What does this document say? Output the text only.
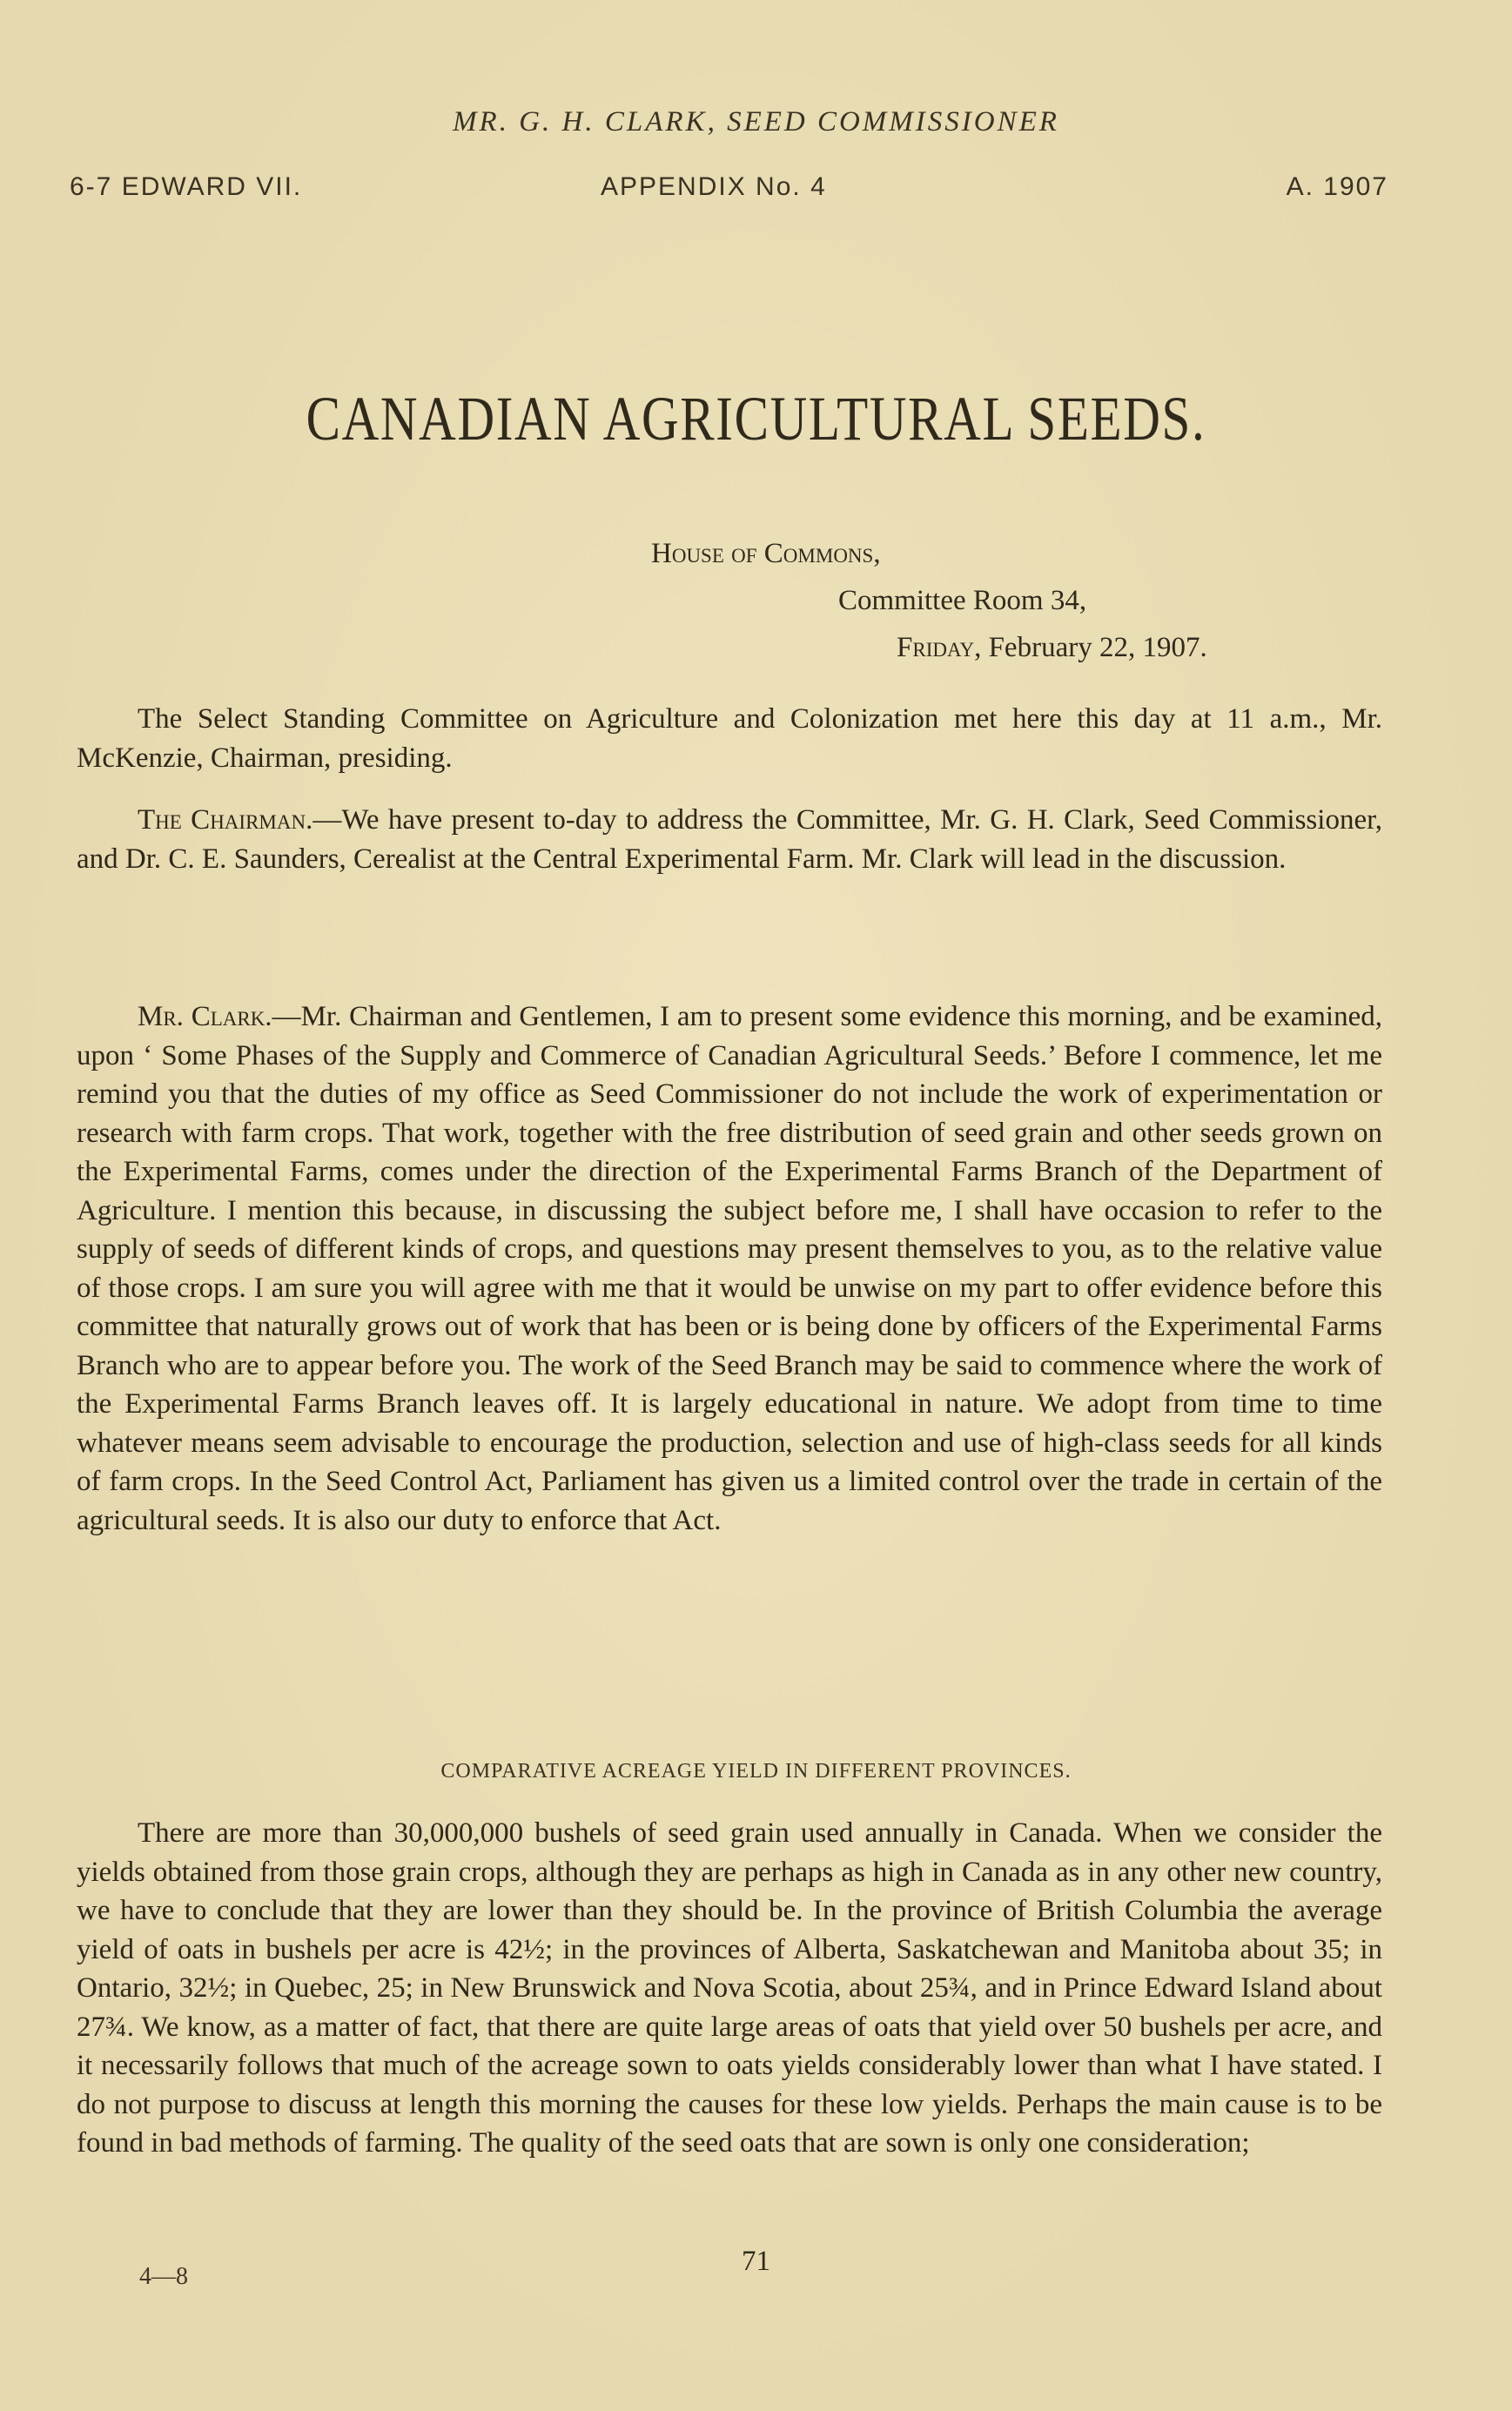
MR. G. H. CLARK, SEED COMMISSIONER
6-7 EDWARD VII.	APPENDIX No. 4	A. 1907
CANADIAN AGRICULTURAL SEEDS.
House of Commons,
Committee Room 34,
Friday, February 22, 1907.

The Select Standing Committee on Agriculture and Colonization met here this day at 11 a.m., Mr. McKenzie, Chairman, presiding.

The Chairman.—We have present to-day to address the Committee, Mr. G. H. Clark, Seed Commissioner, and Dr. C. E. Saunders, Cerealist at the Central Experimental Farm. Mr. Clark will lead in the discussion.

Mr. Clark.—Mr. Chairman and Gentlemen, I am to present some evidence this morning, and be examined, upon ‘ Some Phases of the Supply and Commerce of Canadian Agricultural Seeds.’ Before I commence, let me remind you that the duties of my office as Seed Commissioner do not include the work of experimentation or research with farm crops. That work, together with the free distribution of seed grain and other seeds grown on the Experimental Farms, comes under the direction of the Experimental Farms Branch of the Department of Agriculture. I mention this because, in discussing the subject before me, I shall have occasion to refer to the supply of seeds of different kinds of crops, and questions may present themselves to you, as to the relative value of those crops. I am sure you will agree with me that it would be unwise on my part to offer evidence before this committee that naturally grows out of work that has been or is being done by officers of the Experimental Farms Branch who are to appear before you. The work of the Seed Branch may be said to commence where the work of the Experimental Farms Branch leaves off. It is largely educational in nature. We adopt from time to time whatever means seem advisable to encourage the production, selection and use of high-class seeds for all kinds of farm crops. In the Seed Control Act, Parliament has given us a limited control over the trade in certain of the agricultural seeds. It is also our duty to enforce that Act.

COMPARATIVE ACREAGE YIELD IN DIFFERENT PROVINCES.

There are more than 30,000,000 bushels of seed grain used annually in Canada. When we consider the yields obtained from those grain crops, although they are perhaps as high in Canada as in any other new country, we have to conclude that they are lower than they should be. In the province of British Columbia the average yield of oats in bushels per acre is 42½; in the provinces of Alberta, Saskatchewan and Manitoba about 35; in Ontario, 32½; in Quebec, 25; in New Brunswick and Nova Scotia, about 25¾, and in Prince Edward Island about 27¾. We know, as a matter of fact, that there are quite large areas of oats that yield over 50 bushels per acre, and it necessarily follows that much of the acreage sown to oats yields considerably lower than what I have stated. I do not purpose to discuss at length this morning the causes for these low yields. Perhaps the main cause is to be found in bad methods of farming. The quality of the seed oats that are sown is only one consideration;

71
4—8
